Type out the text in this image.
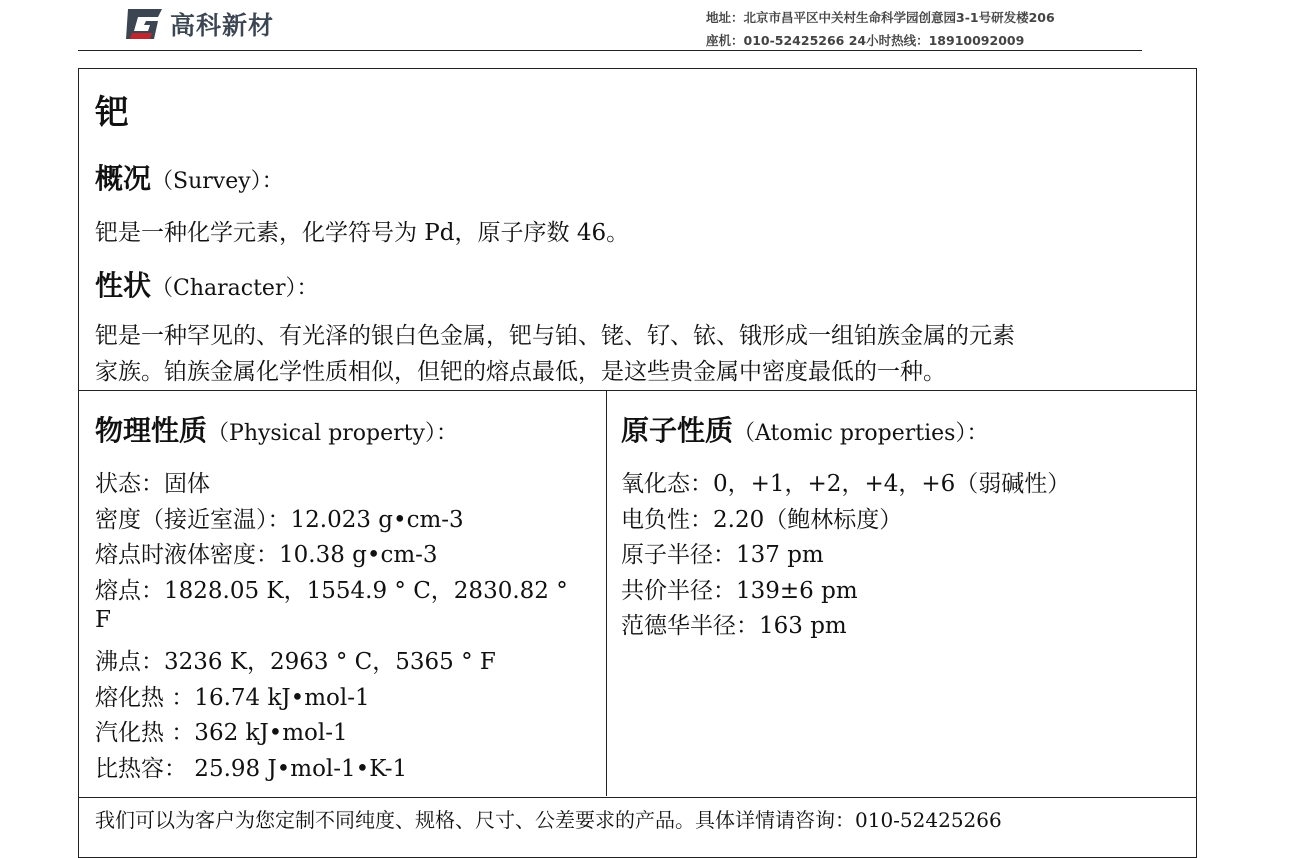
高科新材	地址：北京市昌平区中关村生命科学园创意园3-1号研发楼206
座机：010-52425266 24小时热线：18910092009
钯
概况（Survey）：
钯是一种化学元素，化学符号为 Pd，原子序数 46。
性状（Character）：
钯是一种罕见的、有光泽的银白色金属，钯与铂、铑、钌、铱、锇形成一组铂族金属的元素
家族。铂族金属化学性质相似，但钯的熔点最低，是这些贵金属中密度最低的一种。
物理性质（Physical property）：
状态：固体
密度（接近室温）：12.023 g•cm-3
熔点时液体密度：10.38 g•cm-3
熔点：1828.05 K，1554.9 ° C，2830.82 °
F
沸点：3236 K，2963 ° C，5365 ° F
熔化热 ：16.74 kJ•mol-1
汽化热 ：362 kJ•mol-1
比热容： 25.98 J•mol-1•K-1
原子性质（Atomic properties）：
氧化态：0，+1，+2，+4，+6（弱碱性）
电负性：2.20（鲍林标度）
原子半径：137 pm
共价半径：139±6 pm
范德华半径：163 pm
我们可以为客户为您定制不同纯度、规格、尺寸、公差要求的产品。具体详情请咨询：010-52425266
